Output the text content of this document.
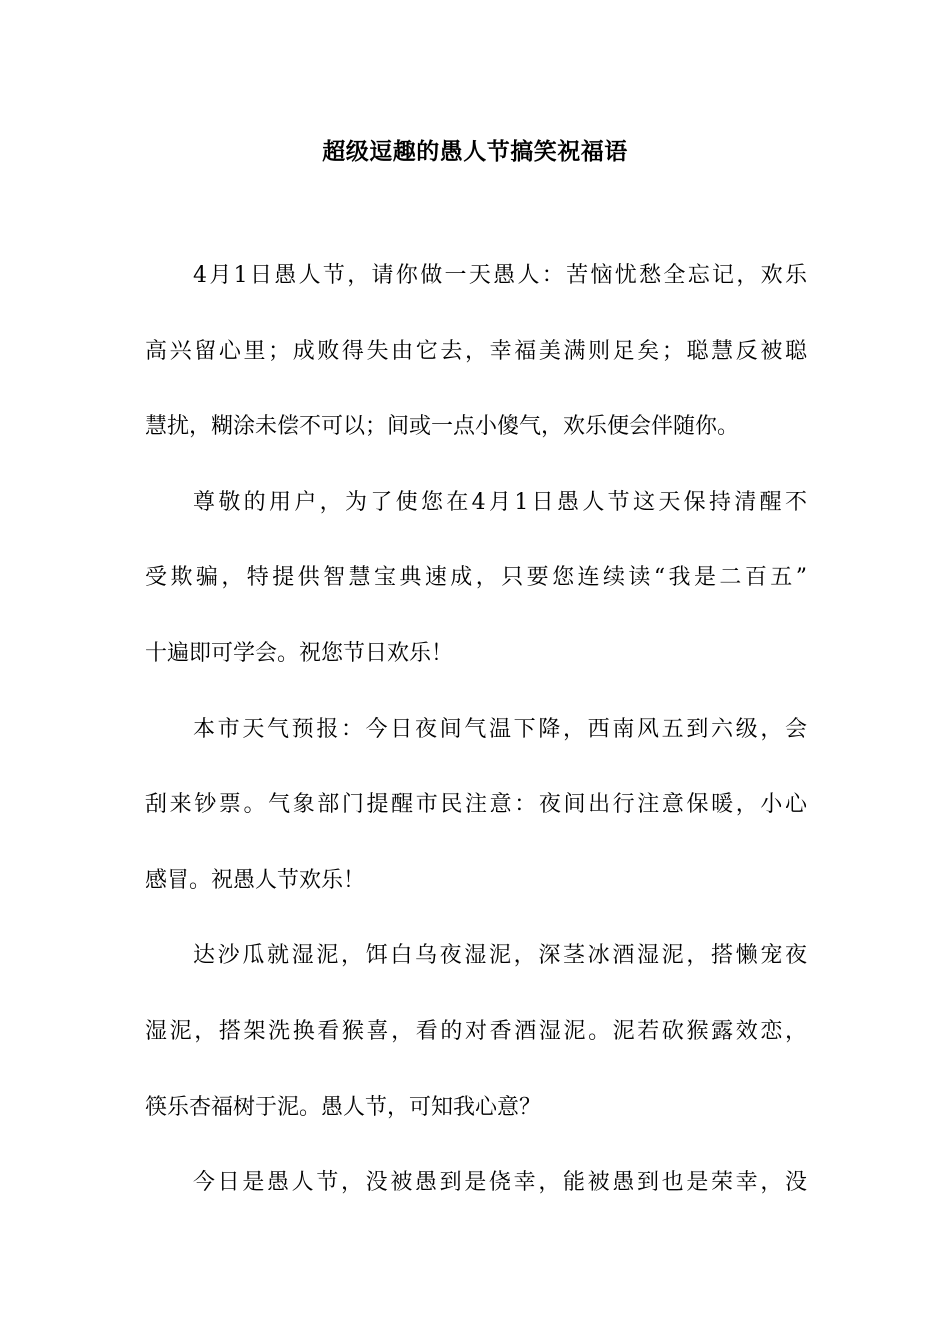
超级逗趣的愚人节搞笑祝福语
4月1日愚人节，请你做一天愚人：苦恼忧愁全忘记，欢乐
高兴留心里；成败得失由它去，幸福美满则足矣；聪慧反被聪
慧扰，糊涂未偿不可以；间或一点小傻气，欢乐便会伴随你。
尊敬的用户，为了使您在4月1日愚人节这天保持清醒不
受欺骗，特提供智慧宝典速成，只要您连续读“我是二百五”
十遍即可学会。祝您节日欢乐！
本市天气预报：今日夜间气温下降，西南风五到六级，会
刮来钞票。气象部门提醒市民注意：夜间出行注意保暖，小心
感冒。祝愚人节欢乐！
达沙瓜就湿泥，饵白乌夜湿泥，深茎冰酒湿泥，搭懒宠夜
湿泥，搭架洗换看猴喜，看的对香酒湿泥。泥若砍猴露效恋，
筷乐杏福树于泥。愚人节，可知我心意？
今日是愚人节，没被愚到是侥幸，能被愚到也是荣幸，没
